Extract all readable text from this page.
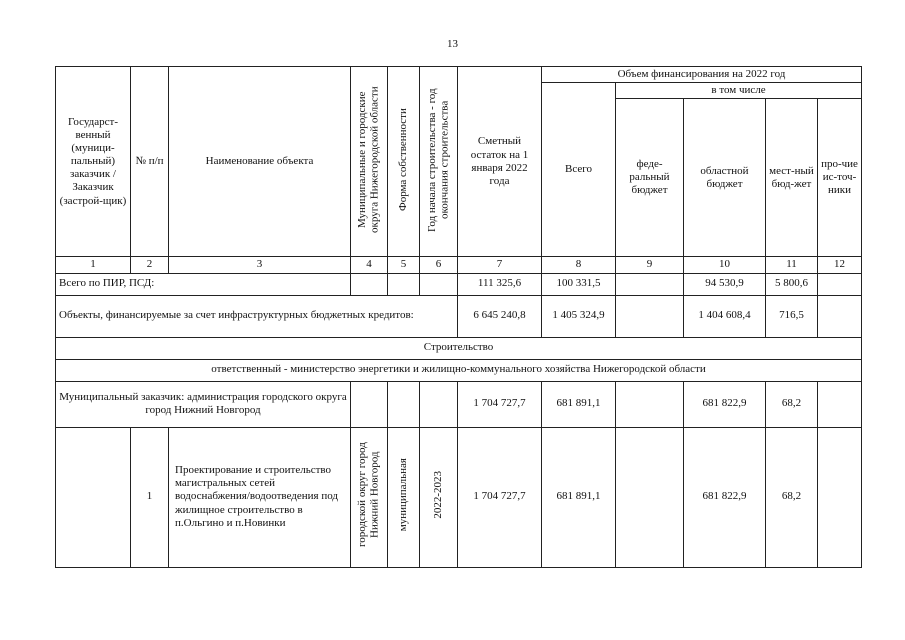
13
Государст-венный (муници-пальный) заказчик / Заказчик (застрой-щик)	№ п/п	Наименование объекта	Муниципальные и городские округа Нижегородской области	Форма собственности	Год начала строительства - год окончания строительства	Сметный остаток на 1 января 2022 года	Объем финансирования на 2022 год				
							Всего	в том числе			
								феде-ральный бюджет	областной бюджет	мест-ный бюд-жет	про-чие ис-точ-ники
1	2	3	4	5	6	7	8	9	10	11	12
Всего по ПИР, ПСД:						111 325,6	100 331,5		94 530,9	5 800,6	
Объекты, финансируемые за счет инфраструктурных бюджетных кредитов:						6 645 240,8	1 405 324,9		1 404 608,4	716,5	
Строительство											
ответственный - министерство энергетики и жилищно-коммунального хозяйства Нижегородской области											
Муниципальный заказчик: администрация городского округа город Нижний Новгород						1 704 727,7	681 891,1		681 822,9	68,2	
	1	Проектирование и строительство магистральных сетей водоснабжения/водоотведения под жилищное строительство в п.Ольгино и п.Новинки	городской округ город Нижний Новгород	муниципальная	2022-2023	1 704 727,7	681 891,1		681 822,9	68,2	
